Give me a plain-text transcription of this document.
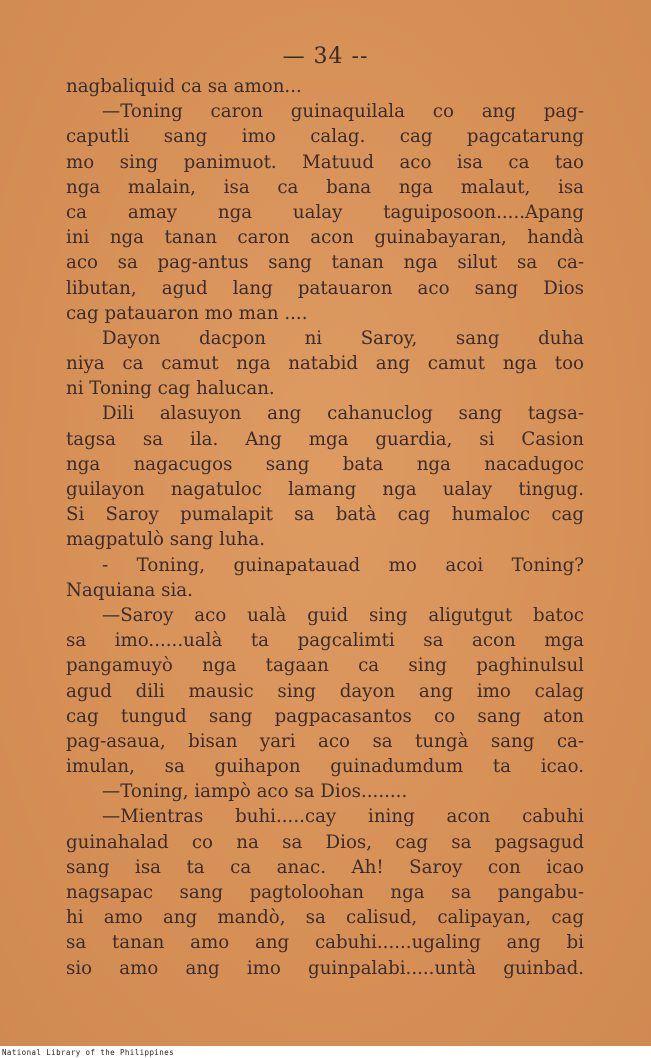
— 34 --
nagbaliquid ca sa amon...
—Toning caron guinaquilala co ang pag-
caputli sang imo calag. cag pagcatarung
mo sing panimuot. Matuud aco isa ca tao
nga malain, isa ca bana nga malaut, isa
ca amay nga ualay taguiposoon.....Apang
ini nga tanan caron acon guinabayaran, handà
aco sa pag-antus sang tanan nga silut sa ca-
libutan, agud lang patauaron aco sang Dios
cag patauaron mo man ....
Dayon dacpon ni Saroy, sang duha
niya ca camut nga natabid ang camut nga too
ni Toning cag halucan.
Dili alasuyon ang cahanuclog sang tagsa-
tagsa sa ila. Ang mga guardia, si Casion
nga nagacugos sang bata nga nacadugoc
guilayon nagatuloc lamang nga ualay tingug.
Si Saroy pumalapit sa batà cag humaloc cag
magpatulò sang luha.
- Toning, guinapatauad mo acoi Toning?
Naquiana sia.
—Saroy aco ualà guid sing aligutgut batoc
sa imo......ualà ta pagcalimti sa acon mga
pangamuyò nga tagaan ca sing paghinulsul
agud dili mausic sing dayon ang imo calag
cag tungud sang pagpacasantos co sang aton
pag-asaua, bisan yari aco sa tungà sang ca-
imulan, sa guihapon guinadumdum ta icao.
—Toning, iampò aco sa Dios........
—Mientras buhi.....cay ining acon cabuhi
guinahalad co na sa Dios, cag sa pagsagud
sang isa ta ca anac. Ah! Saroy con icao
nagsapac sang pagtoloohan nga sa pangabu-
hi amo ang mandò, sa calisud, calipayan, cag
sa tanan amo ang cabuhi......ugaling ang bi
sio amo ang imo guinpalabi.....untà guinbad.
National Library of the Philippines
